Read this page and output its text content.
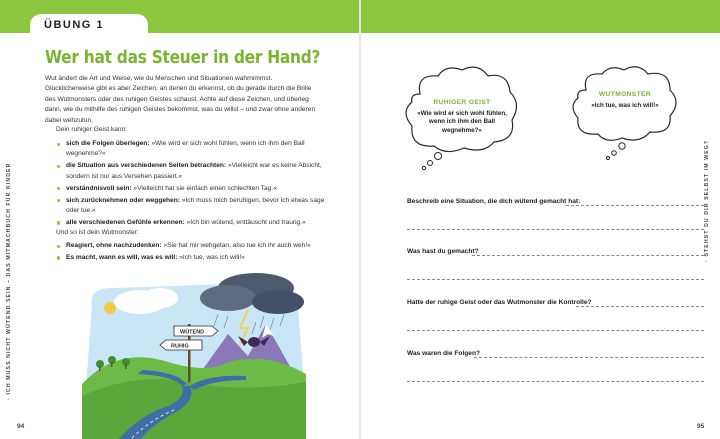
ÜBUNG 1
Wer hat das Steuer in der Hand?

Wut ändert die Art und Weise, wie du Menschen und Situationen wahrnimmst. Glücklicherweise gibt es aber Zeichen, an denen du erkennst, ob du gerade durch die Brille des Wutmonsters oder des ruhigen Geistes schaust. Achte auf diese Zeichen, und überleg dann, wie du mithilfe des ruhigen Geistes bekommst, was du willst – und zwar ohne anderen dabei wehzutun.

Dein ruhiger Geist kann:

sich die Folgen überlegen: »Wie wird er sich wohl fühlen, wenn ich ihm den Ball wegnehme?«
die Situation aus verschiedenen Seiten betrachten: »Vielleicht war es keine Absicht, sondern ist nur aus Versehen passiert.«
verständnisvoll sein: »Vielleicht hat sie einfach einen schlechten Tag.«
sich zurücknehmen oder weggehen: »Ich muss mich beruhigen, bevor ich etwas sage oder tue.«
alle verschiedenen Gefühle erkennen: »Ich bin wütend, enttäuscht und traurig.«

Und so ist dein Wutmonster:

Reagiert, ohne nachzudenken: »Sie hat mir wehgetan, also tue ich ihr auch weh!«
Es macht, wann es will, was es will: »Ich tue, was ich will!«
WÜTEND
RUHIG
• ICH MUSS NICHT WÜTEND SEIN – DAS MITMACHBUCH FÜR KINDER
94
RUHIGER GEIST
»Wie wird er sich wohl fühlen, wenn ich ihm den Ball wegnehme?«
WUTMONSTER
»Ich tue, was ich will!«
Beschreib eine Situation, die dich wütend gemacht hat:
Was hast du gemacht?
Hatte der ruhige Geist oder das Wutmonster die Kontrolle?
Was waren die Folgen?
• STEHST DU DIR SELBST IM WEG?
95
